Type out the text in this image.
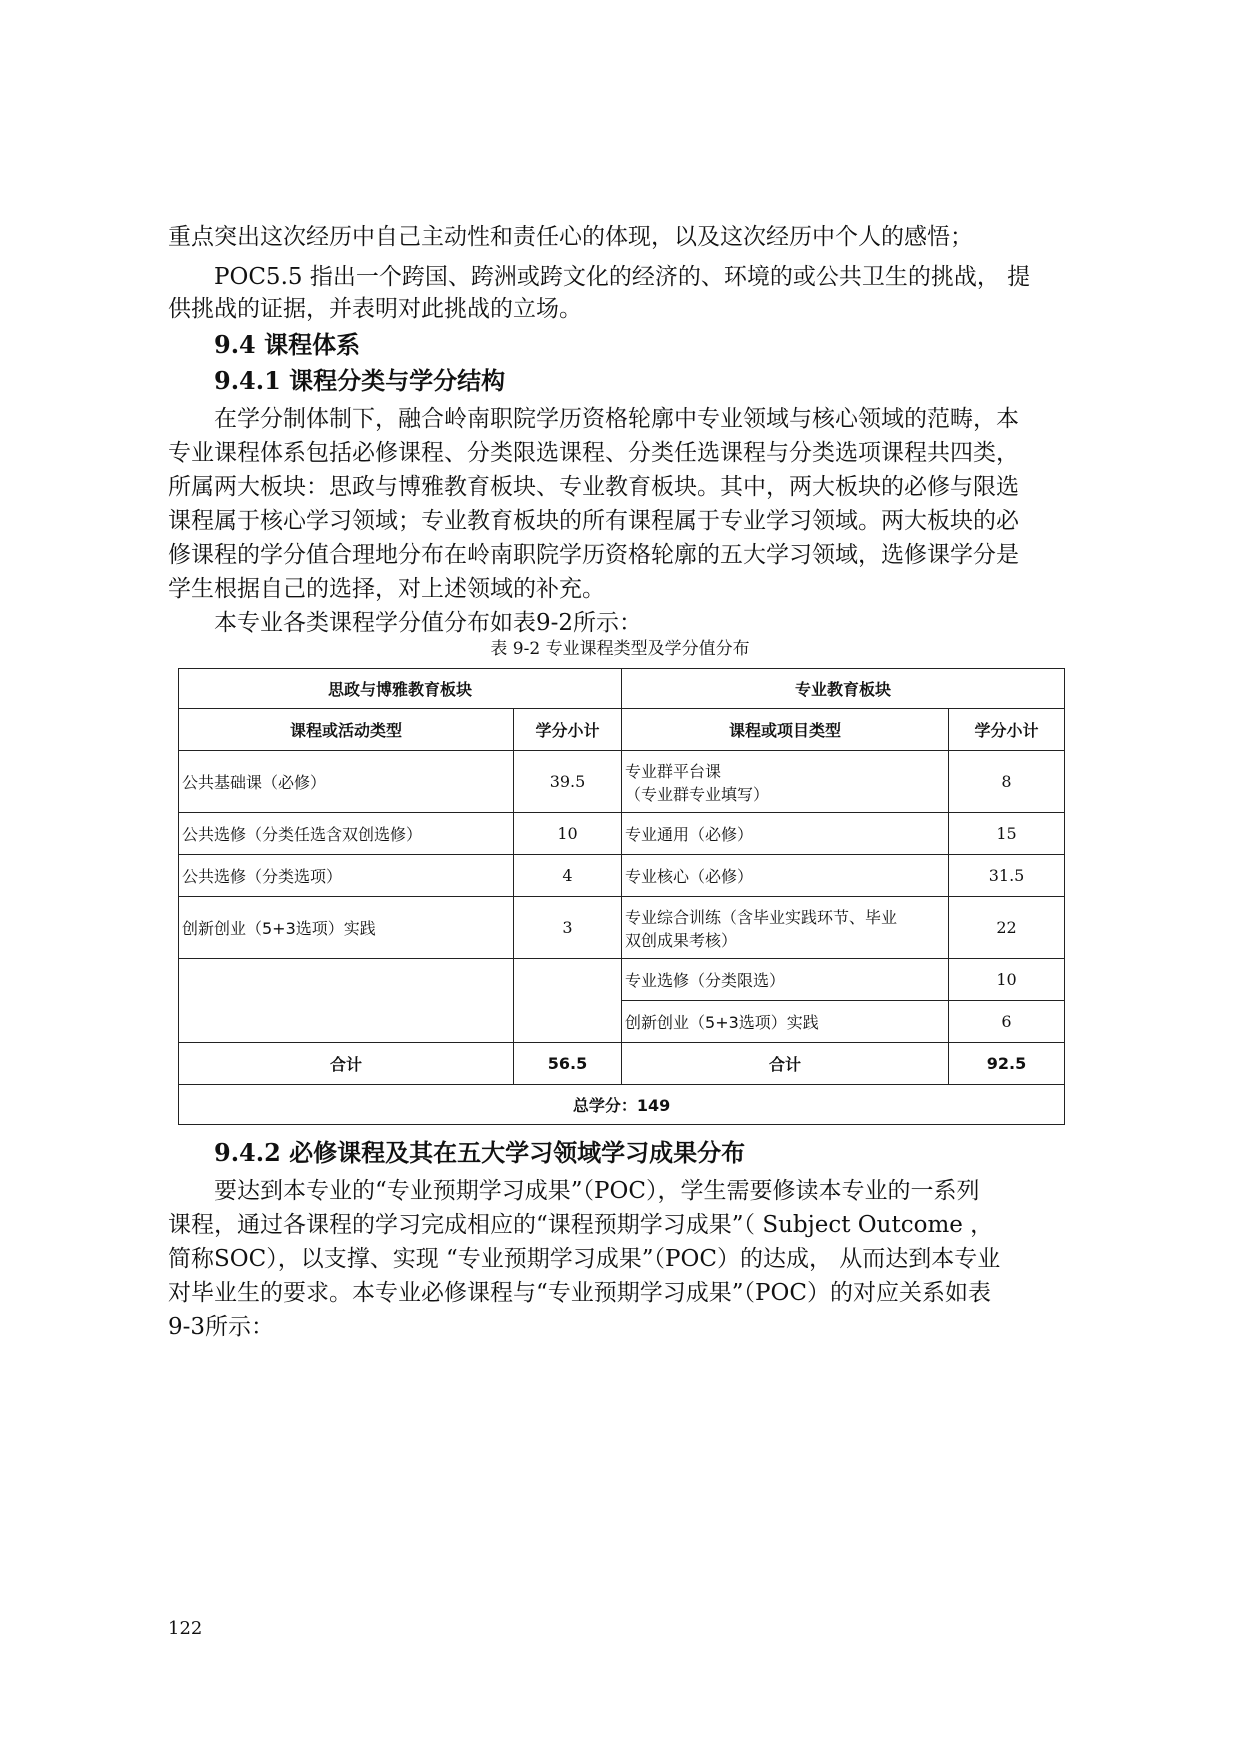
重点突出这次经历中自己主动性和责任心的体现，以及这次经历中个人的感悟；
POC5.5 指出一个跨国、跨洲或跨文化的经济的、环境的或公共卫生的挑战， 提
供挑战的证据，并表明对此挑战的立场。
9.4 课程体系
9.4.1 课程分类与学分结构
在学分制体制下，融合岭南职院学历资格轮廓中专业领域与核心领域的范畴，本
专业课程体系包括必修课程、分类限选课程、分类任选课程与分类选项课程共四类，
所属两大板块：思政与博雅教育板块、专业教育板块。其中，两大板块的必修与限选
课程属于核心学习领域；专业教育板块的所有课程属于专业学习领域。两大板块的必
修课程的学分值合理地分布在岭南职院学历资格轮廓的五大学习领域，选修课学分是
学生根据自己的选择，对上述领域的补充。
本专业各类课程学分值分布如表9-2所示：
表 9-2 专业课程类型及学分值分布
思政与博雅教育板块		专业教育板块	
课程或活动类型	学分小计	课程或项目类型	学分小计
公共基础课（必修）	39.5	专业群平台课
（专业群专业填写）	8
公共选修（分类任选含双创选修）	10	专业通用（必修）	15
公共选修（分类选项）	4	专业核心（必修）	31.5
创新创业（5+3选项）实践	3	专业综合训练（含毕业实践环节、毕业
双创成果考核）	22
		专业选修（分类限选）	10
		创新创业（5+3选项）实践	6
合计	56.5	合计	92.5
总学分：149			
9.4.2 必修课程及其在五大学习领域学习成果分布
要达到本专业的“专业预期学习成果”（POC），学生需要修读本专业的一系列
课程，通过各课程的学习完成相应的“课程预期学习成果”（ Subject Outcome ，
简称SOC），以支撑、实现 “专业预期学习成果”（POC）的达成， 从而达到本专业
对毕业生的要求。本专业必修课程与“专业预期学习成果”（POC）的对应关系如表
9-3所示：
122
